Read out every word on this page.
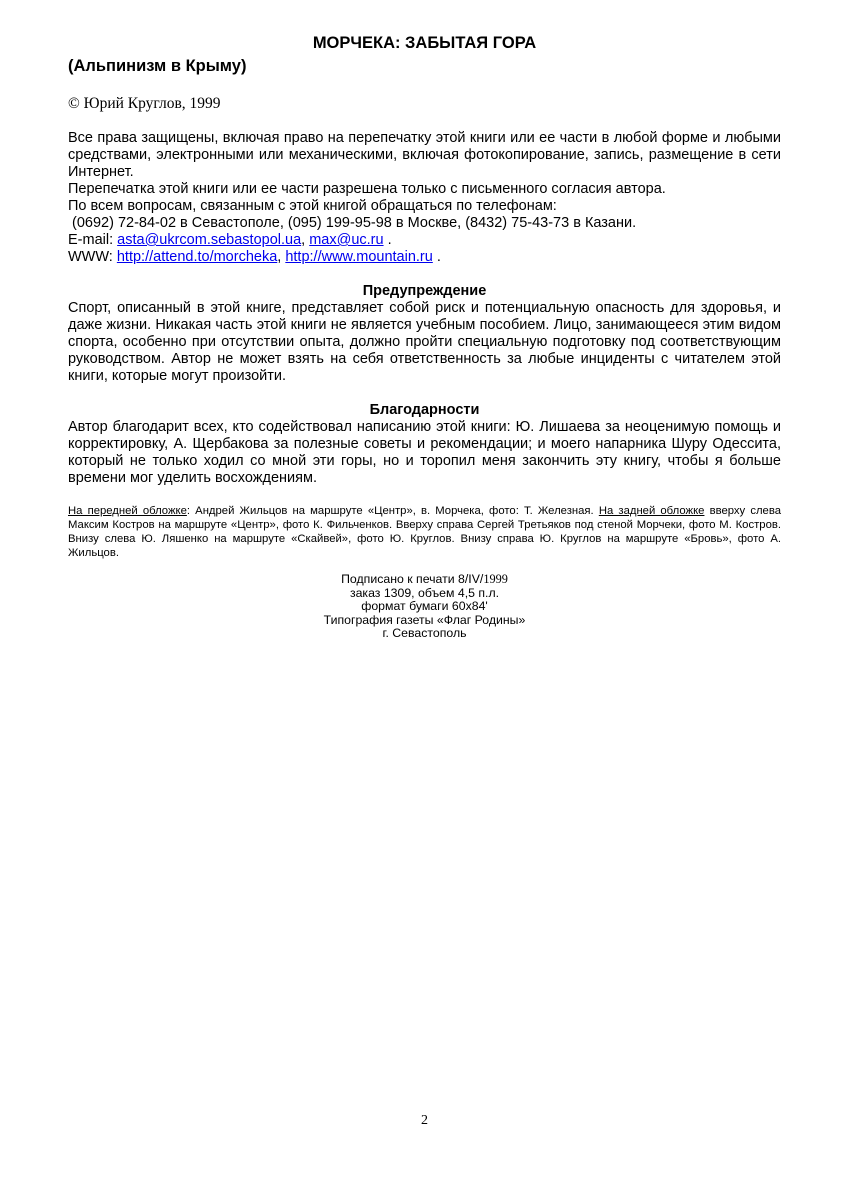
МОРЧЕКА: ЗАБЫТАЯ ГОРА
(Альпинизм в Крыму)
© Юрий Круглов, 1999

Все права защищены, включая право на перепечатку этой книги или ее части в любой форме и любыми средствами, электронными или механическими, включая фотокопирование, запись, размещение в сети Интернет.

Перепечатка этой книги или ее части разрешена только с письменного согласия автора.

По всем вопросам, связанным с этой книгой обращаться по телефонам:

(0692) 72-84-02 в Севастополе, (095) 199-95-98 в Москве, (8432) 75-43-73 в Казани.

E-mail: asta@ukrcom.sebastopol.ua, max@uc.ru .

WWW: http://attend.to/morcheka, http://www.mountain.ru .

Предупреждение

Спорт, описанный в этой книге, представляет собой риск и потенциальную опасность для здоровья, и даже жизни. Никакая часть этой книги не является учебным пособием. Лицо, занимающееся этим видом спорта, особенно при отсутствии опыта, должно пройти специальную подготовку под соответствующим руководством. Автор не может взять на себя ответственность за любые инциденты с читателем этой книги, которые могут произойти.

Благодарности

Автор благодарит всех, кто содействовал написанию этой книги: Ю. Лишаева за неоценимую помощь и корректировку, А. Щербакова за полезные советы и рекомендации; и моего напарника Шуру Одессита, который не только ходил со мной эти горы, но и торопил меня закончить эту книгу, чтобы я больше времени мог уделить восхождениям.

На передней обложке: Андрей Жильцов на маршруте «Центр», в. Морчека, фото: Т. Железная. На задней обложке вверху слева Максим Костров на маршруте «Центр», фото К. Фильченков. Вверху справа Сергей Третьяков под стеной Морчеки, фото М. Костров. Внизу слева Ю. Ляшенко на маршруте «Скайвей», фото Ю. Круглов. Внизу справа Ю. Круглов на маршруте «Бровь», фото А. Жильцов.

Подписано к печати 8/IV/1999
заказ 1309, объем 4,5 п.л.
формат бумаги 60х84'
Типография газеты «Флаг Родины»
г. Севастополь
2
